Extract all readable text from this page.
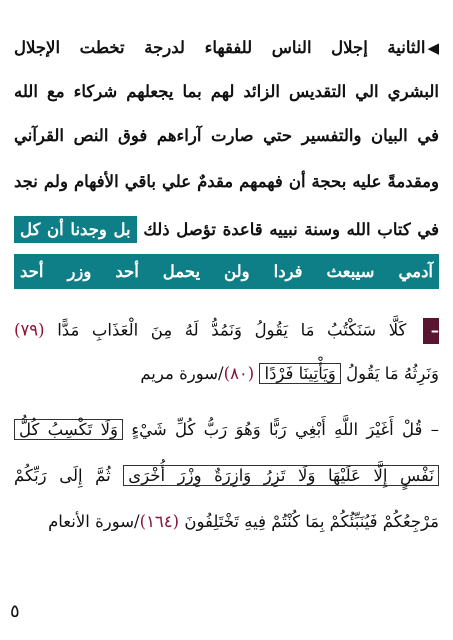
◀الثانية إجلال الناس للفقهاء لدرجة تخطت الإجلال
البشري الي التقديس الزائد لهم بما يجعلهم شركاء مع الله
في البيان والتفسير حتي صارت آراءهم فوق النص القرآني
ومقدمةً عليه بحجة أن فهمهم مقدمٌ علي باقي الأفهام ولم نجد
في كتاب الله وسنة نبييه قاعدة تؤصل ذلك بل وجدنا أن كل
آدمي سيبعث فردا ولن يحمل أحد وزر أحد
– كَلَّا سَنَكْتُبُ مَا يَقُولُ وَنَمُدُّ لَهُ مِنَ الْعَذَابِ مَدًّا (٧٩)
وَنَرِثُهُ مَا يَقُولُ وَيَأْتِينَا فَرْدًا (٨٠)/سورة مريم
– قُلْ أَغَيْرَ اللَّهِ أَبْغِي رَبًّا وَهُوَ رَبُّ كُلِّ شَيْءٍ وَلَا تَكْسِبُ كُلُّ
نَفْسٍ إِلَّا عَلَيْهَا وَلَا تَزِرُ وَازِرَةٌ وِزْرَ أُخْرَى ثُمَّ إِلَى رَبِّكُمْ
مَرْجِعُكُمْ فَيُنَبِّئُكُمْ بِمَا كُنْتُمْ فِيهِ تَخْتَلِفُونَ (١٦٤)/سورة الأنعام
٥
